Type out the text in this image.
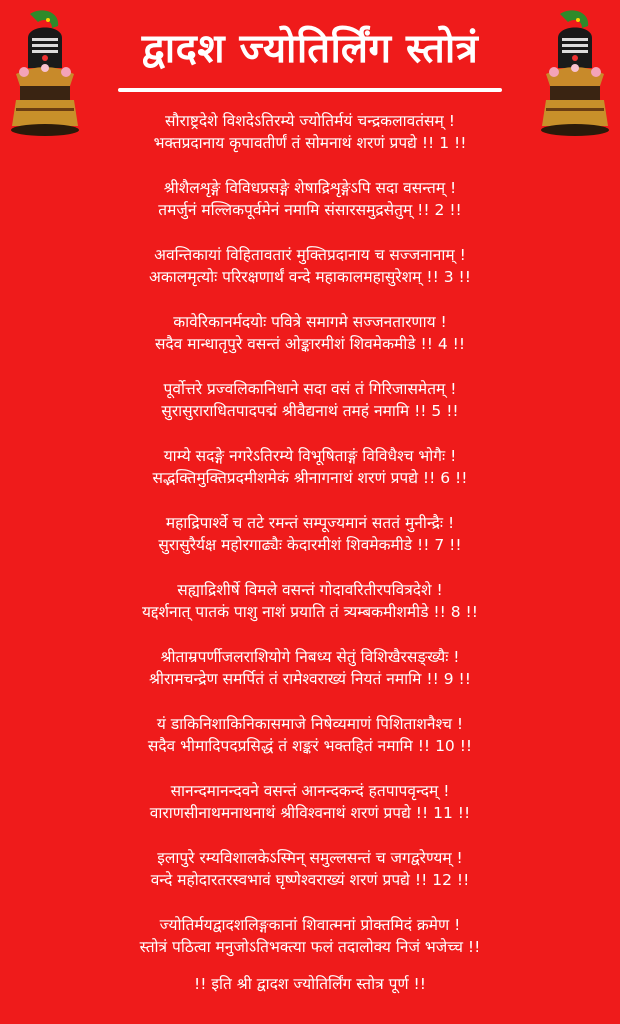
द्वादश ज्योतिर्लिंग स्तोत्रं
सौराष्ट्रदेशे विशदेऽतिरम्ये ज्योतिर्मयं चन्द्रकलावतंसम् !
भक्तप्रदानाय कृपावतीर्णं तं सोमनाथं शरणं प्रपद्ये !! 1 !!
श्रीशैलशृङ्गे विविधप्रसङ्गे शेषाद्रिशृङ्गेऽपि सदा वसन्तम् !
तमर्जुनं मल्लिकपूर्वमेनं नमामि संसारसमुद्रसेतुम् !! 2 !!
अवन्तिकायां विहितावतारं मुक्तिप्रदानाय च सज्जनानाम् !
अकालमृत्योः परिरक्षणार्थं वन्दे महाकालमहासुरेशम् !! 3 !!
कावेरिकानर्मदयोः पवित्रे समागमे सज्जनतारणाय !
सदैव मान्धातृपुरे वसन्तं ओङ्कारमीशं शिवमेकमीडे !! 4 !!
पूर्वोत्तरे प्रज्वलिकानिधाने सदा वसं तं गिरिजासमेतम् !
सुरासुराराधितपादपद्मं श्रीवैद्यनाथं तमहं नमामि !! 5 !!
याम्ये सदङ्गे नगरेऽतिरम्ये विभूषिताङ्गं विविधैश्च भोगैः !
सद्भक्तिमुक्तिप्रदमीशमेकं श्रीनागनाथं शरणं प्रपद्ये !! 6 !!
महाद्रिपार्श्वे च तटे रमन्तं सम्पूज्यमानं सततं मुनीन्द्रैः !
सुरासुरैर्यक्ष महोरगाढ्यैः केदारमीशं शिवमेकमीडे !! 7 !!
सह्याद्रिशीर्षे विमले वसन्तं गोदावरितीरपवित्रदेशे !
यद्दर्शनात् पातकं पाशु नाशं प्रयाति तं त्र्यम्बकमीशमीडे !! 8 !!
श्रीताम्रपर्णीजलराशियोगे निबध्य सेतुं विशिखैरसङ्ख्यैः !
श्रीरामचन्द्रेण समर्पितं तं रामेश्वराख्यं नियतं नमामि !! 9 !!
यं डाकिनिशाकिनिकासमाजे निषेव्यमाणं पिशिताशनैश्च !
सदैव भीमादिपदप्रसिद्धं तं शङ्करं भक्तहितं नमामि !! 10 !!
सानन्दमानन्दवने वसन्तं आनन्दकन्दं हतपापवृन्दम् !
वाराणसीनाथमनाथनाथं श्रीविश्वनाथं शरणं प्रपद्ये !! 11 !!
इलापुरे रम्यविशालकेऽस्मिन् समुल्लसन्तं च जगद्वरेण्यम् !
वन्दे महोदारतरस्वभावं घृष्णेश्वराख्यं शरणं प्रपद्ये !! 12 !!
ज्योतिर्मयद्वादशलिङ्गकानां शिवात्मनां प्रोक्तमिदं क्रमेण !
स्तोत्रं पठित्वा मनुजोऽतिभक्त्या फलं तदालोक्य निजं भजेच्च !!
!! इति श्री द्वादश ज्योतिर्लिंग स्तोत्र पूर्ण !!
